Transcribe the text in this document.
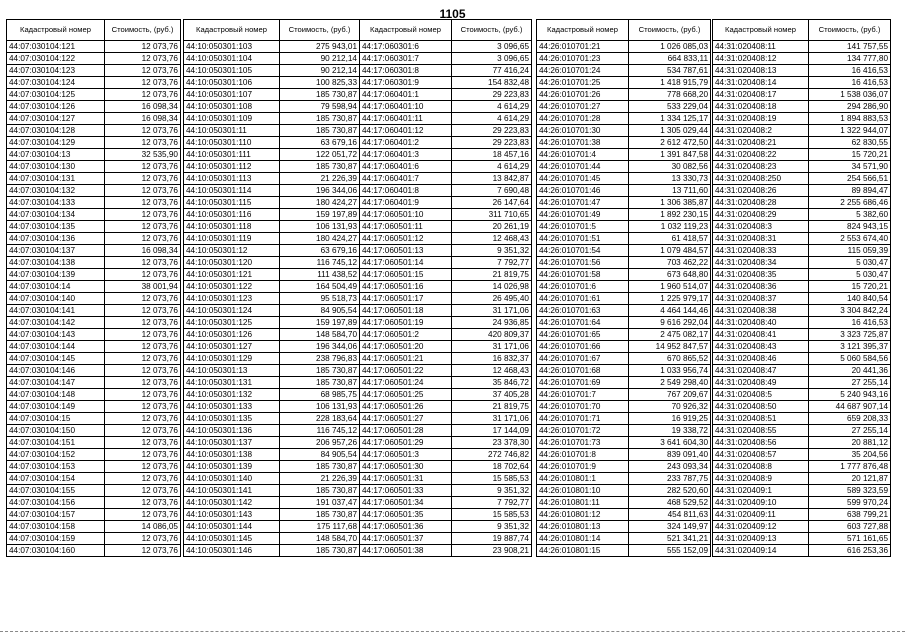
1105
Кадастровый номер	Стоимость, (руб.)
44:07:030104:121	12 073,76
44:07:030104:122	12 073,76
44:07:030104:123	12 073,76
44:07:030104:124	12 073,76
44:07:030104:125	12 073,76
44:07:030104:126	16 098,34
44:07:030104:127	16 098,34
44:07:030104:128	12 073,76
44:07:030104:129	12 073,76
44:07:030104:13	32 535,90
44:07:030104:130	12 073,76
44:07:030104:131	12 073,76
44:07:030104:132	12 073,76
44:07:030104:133	12 073,76
44:07:030104:134	12 073,76
44:07:030104:135	12 073,76
44:07:030104:136	12 073,76
44:07:030104:137	16 098,34
44:07:030104:138	12 073,76
44:07:030104:139	12 073,76
44:07:030104:14	38 001,94
44:07:030104:140	12 073,76
44:07:030104:141	12 073,76
44:07:030104:142	12 073,76
44:07:030104:143	12 073,76
44:07:030104:144	12 073,76
44:07:030104:145	12 073,76
44:07:030104:146	12 073,76
44:07:030104:147	12 073,76
44:07:030104:148	12 073,76
44:07:030104:149	12 073,76
44:07:030104:15	12 073,76
44:07:030104:150	12 073,76
44:07:030104:151	12 073,76
44:07:030104:152	12 073,76
44:07:030104:153	12 073,76
44:07:030104:154	12 073,76
44:07:030104:155	12 073,76
44:07:030104:156	12 073,76
44:07:030104:157	12 073,76
44:07:030104:158	14 086,05
44:07:030104:159	12 073,76
44:07:030104:160	12 073,76
Кадастровый номер	Стоимость, (руб.)
44:10:050301:103	275 943,01
44:10:050301:104	90 212,14
44:10:050301:105	90 212,14
44:10:050301:106	100 825,33
44:10:050301:107	185 730,87
44:10:050301:108	79 598,94
44:10:050301:109	185 730,87
44:10:050301:11	185 730,87
44:10:050301:110	63 679,16
44:10:050301:111	122 051,72
44:10:050301:112	185 730,87
44:10:050301:113	21 226,39
44:10:050301:114	196 344,06
44:10:050301:115	180 424,27
44:10:050301:116	159 197,89
44:10:050301:118	106 131,93
44:10:050301:119	180 424,27
44:10:050301:12	63 679,16
44:10:050301:120	116 745,12
44:10:050301:121	111 438,52
44:10:050301:122	164 504,49
44:10:050301:123	95 518,73
44:10:050301:124	84 905,54
44:10:050301:125	159 197,89
44:10:050301:126	148 584,70
44:10:050301:127	196 344,06
44:10:050301:129	238 796,83
44:10:050301:13	185 730,87
44:10:050301:131	185 730,87
44:10:050301:132	68 985,75
44:10:050301:133	106 131,93
44:10:050301:135	228 183,64
44:10:050301:136	116 745,12
44:10:050301:137	206 957,26
44:10:050301:138	84 905,54
44:10:050301:139	185 730,87
44:10:050301:140	21 226,39
44:10:050301:141	185 730,87
44:10:050301:142	191 037,47
44:10:050301:143	185 730,87
44:10:050301:144	175 117,68
44:10:050301:145	148 584,70
44:10:050301:146	185 730,87
Кадастровый номер	Стоимость, (руб.)
44:17:060301:6	3 096,65
44:17:060301:7	3 096,65
44:17:060301:8	77 416,24
44:17:060301:9	154 832,48
44:17:060401:1	29 223,83
44:17:060401:10	4 614,29
44:17:060401:11	4 614,29
44:17:060401:12	29 223,83
44:17:060401:2	29 223,83
44:17:060401:3	18 457,16
44:17:060401:6	4 614,29
44:17:060401:7	13 842,87
44:17:060401:8	7 690,48
44:17:060401:9	26 147,64
44:17:060501:10	311 710,65
44:17:060501:11	20 261,19
44:17:060501:12	12 468,43
44:17:060501:13	9 351,32
44:17:060501:14	7 792,77
44:17:060501:15	21 819,75
44:17:060501:16	14 026,98
44:17:060501:17	26 495,40
44:17:060501:18	31 171,06
44:17:060501:19	24 936,85
44:17:060501:2	420 809,37
44:17:060501:20	31 171,06
44:17:060501:21	16 832,37
44:17:060501:22	12 468,43
44:17:060501:24	35 846,72
44:17:060501:25	37 405,28
44:17:060501:26	21 819,75
44:17:060501:27	31 171,06
44:17:060501:28	17 144,09
44:17:060501:29	23 378,30
44:17:060501:3	272 746,82
44:17:060501:30	18 702,64
44:17:060501:31	15 585,53
44:17:060501:33	9 351,32
44:17:060501:34	7 792,77
44:17:060501:35	15 585,53
44:17:060501:36	9 351,32
44:17:060501:37	19 887,74
44:17:060501:38	23 908,21
Кадастровый номер	Стоимость, (руб.)
44:26:010701:21	1 026 085,03
44:26:010701:23	664 833,11
44:26:010701:24	534 787,61
44:26:010701:25	1 418 915,79
44:26:010701:26	778 668,20
44:26:010701:27	533 229,04
44:26:010701:28	1 334 125,17
44:26:010701:30	1 305 029,44
44:26:010701:38	2 612 472,50
44:26:010701:4	1 391 847,58
44:26:010701:44	30 082,56
44:26:010701:45	13 330,73
44:26:010701:46	13 711,60
44:26:010701:47	1 306 385,87
44:26:010701:49	1 892 230,15
44:26:010701:5	1 032 119,23
44:26:010701:51	61 418,57
44:26:010701:54	1 079 484,57
44:26:010701:56	703 462,22
44:26:010701:58	673 648,80
44:26:010701:6	1 960 514,07
44:26:010701:61	1 225 979,17
44:26:010701:63	4 464 144,46
44:26:010701:64	9 616 292,04
44:26:010701:65	2 475 082,17
44:26:010701:66	14 952 847,57
44:26:010701:67	670 865,52
44:26:010701:68	1 033 956,74
44:26:010701:69	2 549 298,40
44:26:010701:7	767 209,67
44:26:010701:70	70 926,32
44:26:010701:71	16 919,25
44:26:010701:72	19 338,72
44:26:010701:73	3 641 604,30
44:26:010701:8	839 091,40
44:26:010701:9	243 093,34
44:26:010801:1	233 787,75
44:26:010801:10	282 520,60
44:26:010801:11	468 529,52
44:26:010801:12	454 811,63
44:26:010801:13	324 149,97
44:26:010801:14	521 341,21
44:26:010801:15	555 152,09
Кадастровый номер	Стоимость, (руб.)
44:31:020408:11	141 757,55
44:31:020408:12	134 777,80
44:31:020408:13	16 416,53
44:31:020408:14	16 416,53
44:31:020408:17	1 538 036,07
44:31:020408:18	294 286,90
44:31:020408:19	1 894 883,53
44:31:020408:2	1 322 944,07
44:31:020408:21	62 830,55
44:31:020408:22	15 720,21
44:31:020408:23	34 571,90
44:31:020408:250	254 566,51
44:31:020408:26	89 894,47
44:31:020408:28	2 255 686,46
44:31:020408:29	5 382,60
44:31:020408:3	824 943,15
44:31:020408:31	2 553 674,40
44:31:020408:33	115 059,39
44:31:020408:34	5 030,47
44:31:020408:35	5 030,47
44:31:020408:36	15 720,21
44:31:020408:37	140 840,54
44:31:020408:38	3 304 842,24
44:31:020408:40	16 416,53
44:31:020408:41	3 323 725,87
44:31:020408:43	3 121 395,37
44:31:020408:46	5 060 584,56
44:31:020408:47	20 441,36
44:31:020408:49	27 255,14
44:31:020408:5	5 240 943,16
44:31:020408:50	44 687 907,14
44:31:020408:51	659 208,33
44:31:020408:55	27 255,14
44:31:020408:56	20 881,12
44:31:020408:57	35 204,56
44:31:020408:8	1 777 876,48
44:31:020408:9	20 121,87
44:31:020409:1	589 323,59
44:31:020409:10	599 970,24
44:31:020409:11	638 799,21
44:31:020409:12	603 727,88
44:31:020409:13	571 161,65
44:31:020409:14	616 253,36
